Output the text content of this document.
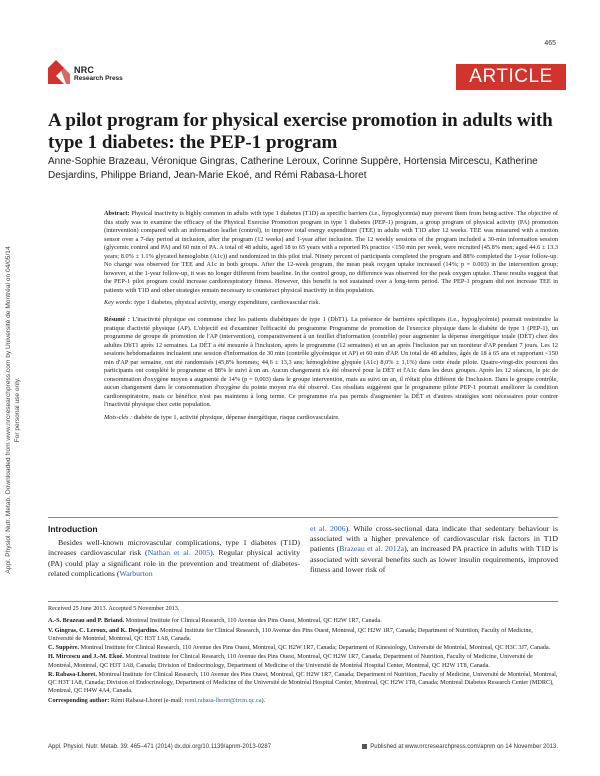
465
NRC
Research Press	ARTICLE
A pilot program for physical exercise promotion in adults with type 1 diabetes: the PEP-1 program
Anne-Sophie Brazeau, Véronique Gingras, Catherine Leroux, Corinne Suppère, Hortensia Mircescu, Katherine Desjardins, Philippe Briand, Jean-Marie Ekoé, and Rémi Rabasa-Lhoret
Appl. Physiol. Nutr. Metab. Downloaded from www.nrcresearchpress.com by Université de Montréal on 04/05/14 For personal use only.

Abstract: Physical inactivity is highly common in adults with type 1 diabetes (T1D) as specific barriers (i.e., hypoglycemia) may prevent them from being active. The objective of this study was to examine the efficacy of the Physical Exercise Promotion program in type 1 diabetes (PEP-1) program, a group program of physical activity (PA) promotion (intervention) compared with an information leaflet (control), to improve total energy expenditure (TEE) in adults with T1D after 12 weeks. TEE was measured with a motion sensor over a 7-day period at inclusion, after the program (12 weeks) and 1-year after inclusion. The 12 weekly sessions of the program included a 30-min information session (glycemic control and PA) and 60 min of PA. A total of 48 adults, aged 18 to 65 years with a reported PA practice <150 min per week, were recruited (45.8% men; aged 44.6 ± 13.3 years; 8.0% ± 1.1% glycated hemoglobin (A1c)) and randomized in this pilot trial. Ninety percent of participants completed the program and 88% completed the 1-year follow-up. No change was observed for TEE and A1c in both groups. After the 12-week program, the mean peak oxygen uptake increased (14%; p = 0.003) in the intervention group; however, at the 1-year follow-up, it was no longer different from baseline. In the control group, no difference was observed for the peak oxygen uptake. These results suggest that the PEP-1 pilot program could increase cardiorespiratory fitness. However, this benefit is not sustained over a long-term period. The PEP-1 program did not increase TEE in patients with T1D and other strategies remain necessary to counteract physical inactivity in this population.

Key words: type 1 diabetes, physical activity, energy expenditure, cardiovascular risk.

Résumé : L'inactivité physique est commune chez les patients diabétiques de type 1 (DbT1). La présence de barrières spécifiques (i.e., hypoglycémie) pourrait restreindre la pratique d'activité physique (AP). L'objectif est d'examiner l'efficacité du programme Programme de promotion de l'exercice physique dans le diabète de type 1 (PEP-1), un programme de groupe de promotion de l'AP (intervention), comparativement à un feuillet d'information (contrôle) pour augmenter la dépense énergétique totale (DÉT) chez des adultes DbT1 après 12 semaines. La DÉT a été mesurée à l'inclusion, après le programme (12 semaines) et un an après l'inclusion par un moniteur d'AP pendant 7 jours. Les 12 sessions hebdomadaires incluaient une session d'information de 30 min (contrôle glycémique et AP) et 60 min d'AP. Un total de 48 adultes, âgés de 18 à 65 ans et rapportant <150 min d'AP par semaine, ont été randomisés (45,8% hommes; 44,6 ± 13,3 ans; hémoglobine glyquée (A1c) 8,0% ± 1,1%) dans cette étude pilote. Quatre-vingt-dix pourcent des participants ont complété le programme et 88% le suivi à un an. Aucun changement n'a été observé pour la DÉT et l'A1c dans les deux groupes. Après les 12 séances, le pic de consommation d'oxygène moyen a augmenté de 14% (p = 0,003) dans le groupe intervention, mais au suivi un an, il n'était plus différent de l'inclusion. Dans le groupe contrôle, aucun changement dans le consommation d'oxygène du pointe moyen n'a été observé. Ces résultats suggèrent que le programme pilote PEP-1 pourrait améliorer la condition cardiorespiratoire, mais ce bénéfice n'est pas maintenu à long terme. Ce programme n'a pas permis d'augmenter la DÉT et d'autres stratégies sont nécessaires pour contrer l'inactivité physique chez cette population.

Mots-clés : diabète de type 1, activité physique, dépense énergétique, risque cardiovasculaire.

Introduction

Besides well-known microvascular complications, type 1 diabetes (T1D) increases cardiovascular risk (Nathan et al. 2005). Regular physical activity (PA) could play a significant role in the prevention and treatment of diabetes-related complications (Warburton

et al. 2006). While cross-sectional data indicate that sedentary behaviour is associated with a higher prevalence of cardiovascular risk factors in T1D patients (Brazeau et al. 2012a), an increased PA practice in adults with T1D is associated with several benefits such as lower insulin requirements, improved fitness and lower risk of

Received 25 June 2013. Accepted 5 November 2013.

A.-S. Brazeau and P. Briand. Montreal Institute for Clinical Research, 110 Avenue des Pins Ouest, Montreal, QC H2W 1R7, Canada.

V. Gingras, C. Leroux, and K. Desjardins. Montreal Institute for Clinical Research, 110 Avenue des Pins Ouest, Montreal, QC H2W 1R7, Canada; Department of Nutrition, Faculty of Medicine, Université de Montréal, Montreal, QC H3T 1A8, Canada.

C. Suppère. Montreal Institute for Clinical Research, 110 Avenue des Pins Ouest, Montreal, QC H2W 1R7, Canada; Department of Kinesiology, Université de Montréal, Montreal, QC H3C 3J7, Canada.

H. Mircescu and J.-M. Ekoé. Montreal Institute for Clinical Research, 110 Avenue des Pins Ouest, Montreal, QC H2W 1R7, Canada; Department of Nutrition, Faculty of Medicine, Université de Montréal, Montreal, QC H3T 1A8, Canada; Division of Endocrinology, Department of Medicine of the Université de Montréal Hospital Center, Montreal, QC H2W 1T8, Canada.

R. Rabasa-Lhoret. Montreal Institute for Clinical Research, 110 Avenue des Pins Ouest, Montreal, QC H2W 1R7, Canada; Department of Nutrition, Faculty of Medicine, Université de Montréal, Montreal, QC H3T 1A8, Canada; Division of Endocrinology, Department of Medicine of the Université de Montréal Hospital Center, Montreal, QC H2W 1T8, Canada; Montreal Diabetes Research Center (MDRC), Montreal, QC H4W 4A4, Canada.

Corresponding author: Rémi Rabasa-Lhoret (e-mail: remi.rabasa-lhoret@ircm.qc.ca).

Appl. Physiol. Nutr. Metab. 39: 465–471 (2014) dx.doi.org/10.1139/apnm-2013-0287	Published at www.nrcresearchpress.com/apnm on 14 November 2013.
